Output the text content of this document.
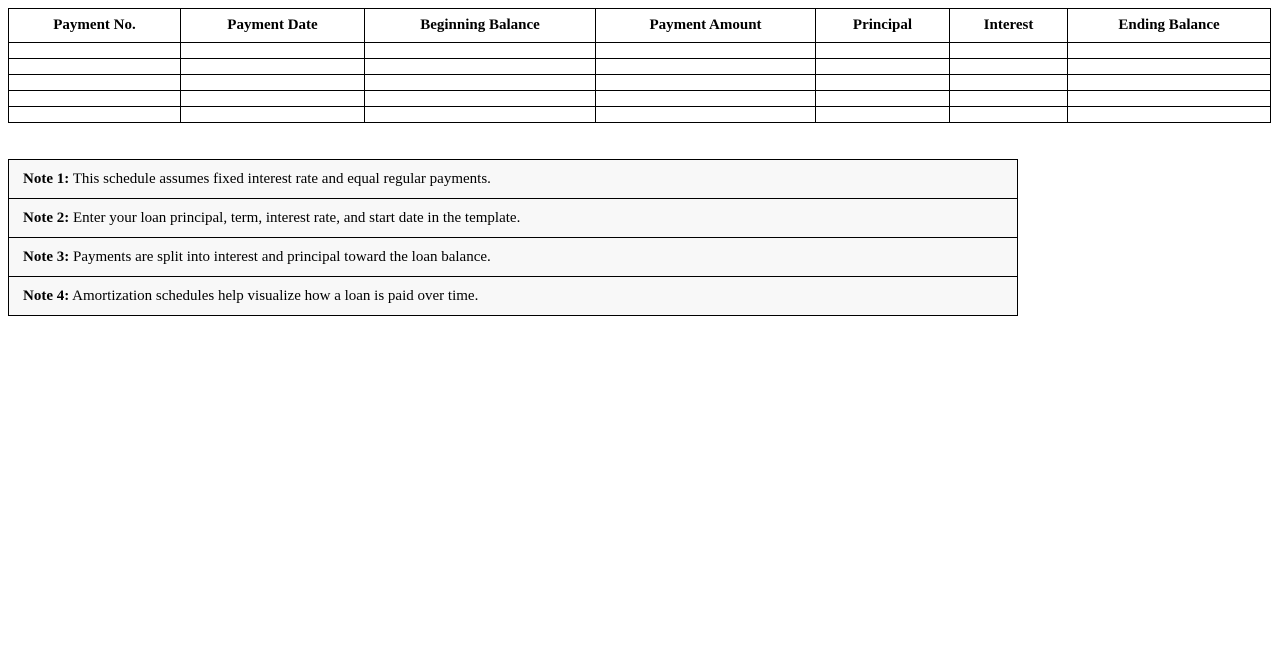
Payment No.	Payment Date	Beginning Balance	Payment Amount	Principal	Interest	Ending Balance

Note 1: This schedule assumes fixed interest rate and equal regular payments.
Note 2: Enter your loan principal, term, interest rate, and start date in the template.
Note 3: Payments are split into interest and principal toward the loan balance.
Note 4: Amortization schedules help visualize how a loan is paid over time.
